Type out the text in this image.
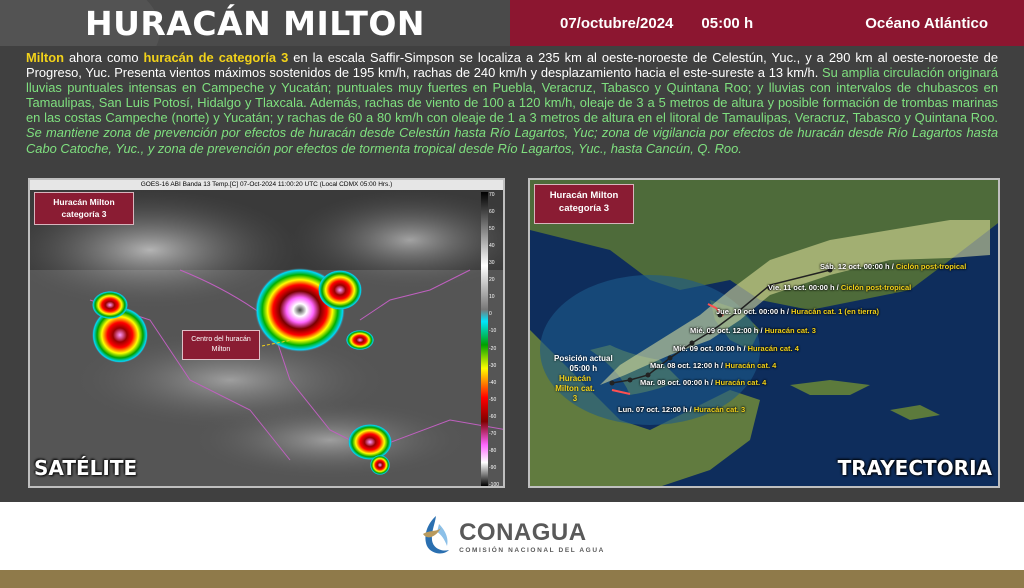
HURACÁN MILTON	07/octubre/2024 05:00 h	Océano Atlántico
Milton ahora como huracán de categoría 3 en la escala Saffir-Simpson se localiza a 235 km al oeste-noroeste de Celestún, Yuc., y a 290 km al oeste-noroeste de Progreso, Yuc. Presenta vientos máximos sostenidos de 195 km/h, rachas de 240 km/h y desplazamiento hacia el este-sureste a 13 km/h. Su amplia circulación originará lluvias puntuales intensas en Campeche y Yucatán; puntuales muy fuertes en Puebla, Veracruz, Tabasco y Quintana Roo; y lluvias con intervalos de chubascos en Tamaulipas, San Luis Potosí, Hidalgo y Tlaxcala. Además, rachas de viento de 100 a 120 km/h, oleaje de 3 a 5 metros de altura y posible formación de trombas marinas en las costas Campeche (norte) y Yucatán; y rachas de 60 a 80 km/h con oleaje de 1 a 3 metros de altura en el litoral de Tamaulipas, Veracruz, Tabasco y Quintana Roo. Se mantiene zona de prevención por efectos de huracán desde Celestún hasta Río Lagartos, Yuc; zona de vigilancia por efectos de huracán desde Río Lagartos hasta Cabo Catoche, Yuc., y zona de prevención por efectos de tormenta tropical desde Río Lagartos, Yuc., hasta Cancún, Q. Roo.
GOES-16 ABI Banda 13 Temp.[C] 07-Oct-2024 11:00:20 UTC (Local CDMX 05:00 Hrs.)
Huracán Milton
categoría 3
Centro del huracán Milton
70
60
50
40
30
20
10
0
-10
-20
-30
-40
-50
-60
-70
-80
-90
-100
SATÉLITE
Huracán Milton
categoría 3
Sáb. 12 oct. 00:00 h / Ciclón post-tropical
Vie. 11 oct. 00:00 h / Ciclón post-tropical
Jue. 10 oct. 00:00 h / Huracán cat. 1 (en tierra)
Mié. 09 oct. 12:00 h / Huracán cat. 3
Mié. 09 oct. 00:00 h / Huracán cat. 4
Mar. 08 oct. 12:00 h / Huracán cat. 4
Mar. 08 oct. 00:00 h / Huracán cat. 4
Lun. 07 oct. 12:00 h / Huracán cat. 3
Posición actual
05:00 h
Huracán Milton cat. 3
TRAYECTORIA
CONAGUA
COMISIÓN NACIONAL DEL AGUA
